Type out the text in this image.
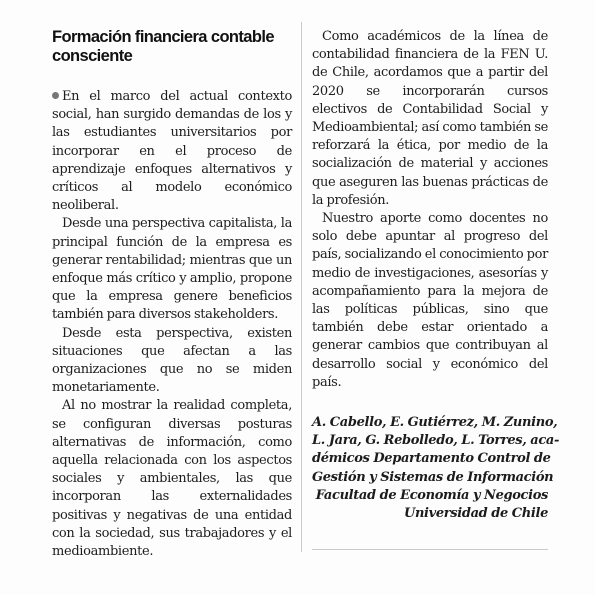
Formación financiera contable consciente

En el marco del actual contexto social, han surgido demandas de los y las estudiantes universitarios por incorporar en el proceso de aprendizaje enfoques alternativos y críticos al modelo económico neoliberal.

Desde una perspectiva capitalista, la principal función de la empresa es generar rentabilidad; mientras que un enfoque más crítico y amplio, propone que la empresa genere beneficios también para diversos stakeholders.

Desde esta perspectiva, existen situaciones que afectan a las organizaciones que no se miden monetariamente.

Al no mostrar la realidad completa, se configuran diversas posturas alternativas de información, como aquella relacionada con los aspectos sociales y ambientales, las que incorporan las externalidades positivas y negativas de una entidad con la sociedad, sus trabajadores y el medioambiente.

Como académicos de la línea de contabilidad financiera de la FEN U. de Chile, acordamos que a partir del 2020 se incorporarán cursos electivos de Contabilidad Social y Medioambiental; así como también se reforzará la ética, por medio de la socialización de material y acciones que aseguren las buenas prácticas de la profesión.

Nuestro aporte como docentes no solo debe apuntar al progreso del país, socializando el conocimiento por medio de investigaciones, asesorías y acompañamiento para la mejora de las políticas públicas, sino que también debe estar orientado a generar cambios que contribuyan al desarrollo social y económico del país.

A. Cabello, E. Gutiérrez, M. Zunino,
L. Jara, G. Rebolledo, L. Torres, aca-
démicos Departamento Control de
Gestión y Sistemas de Información
Facultad de Economía y Negocios
Universidad de Chile
